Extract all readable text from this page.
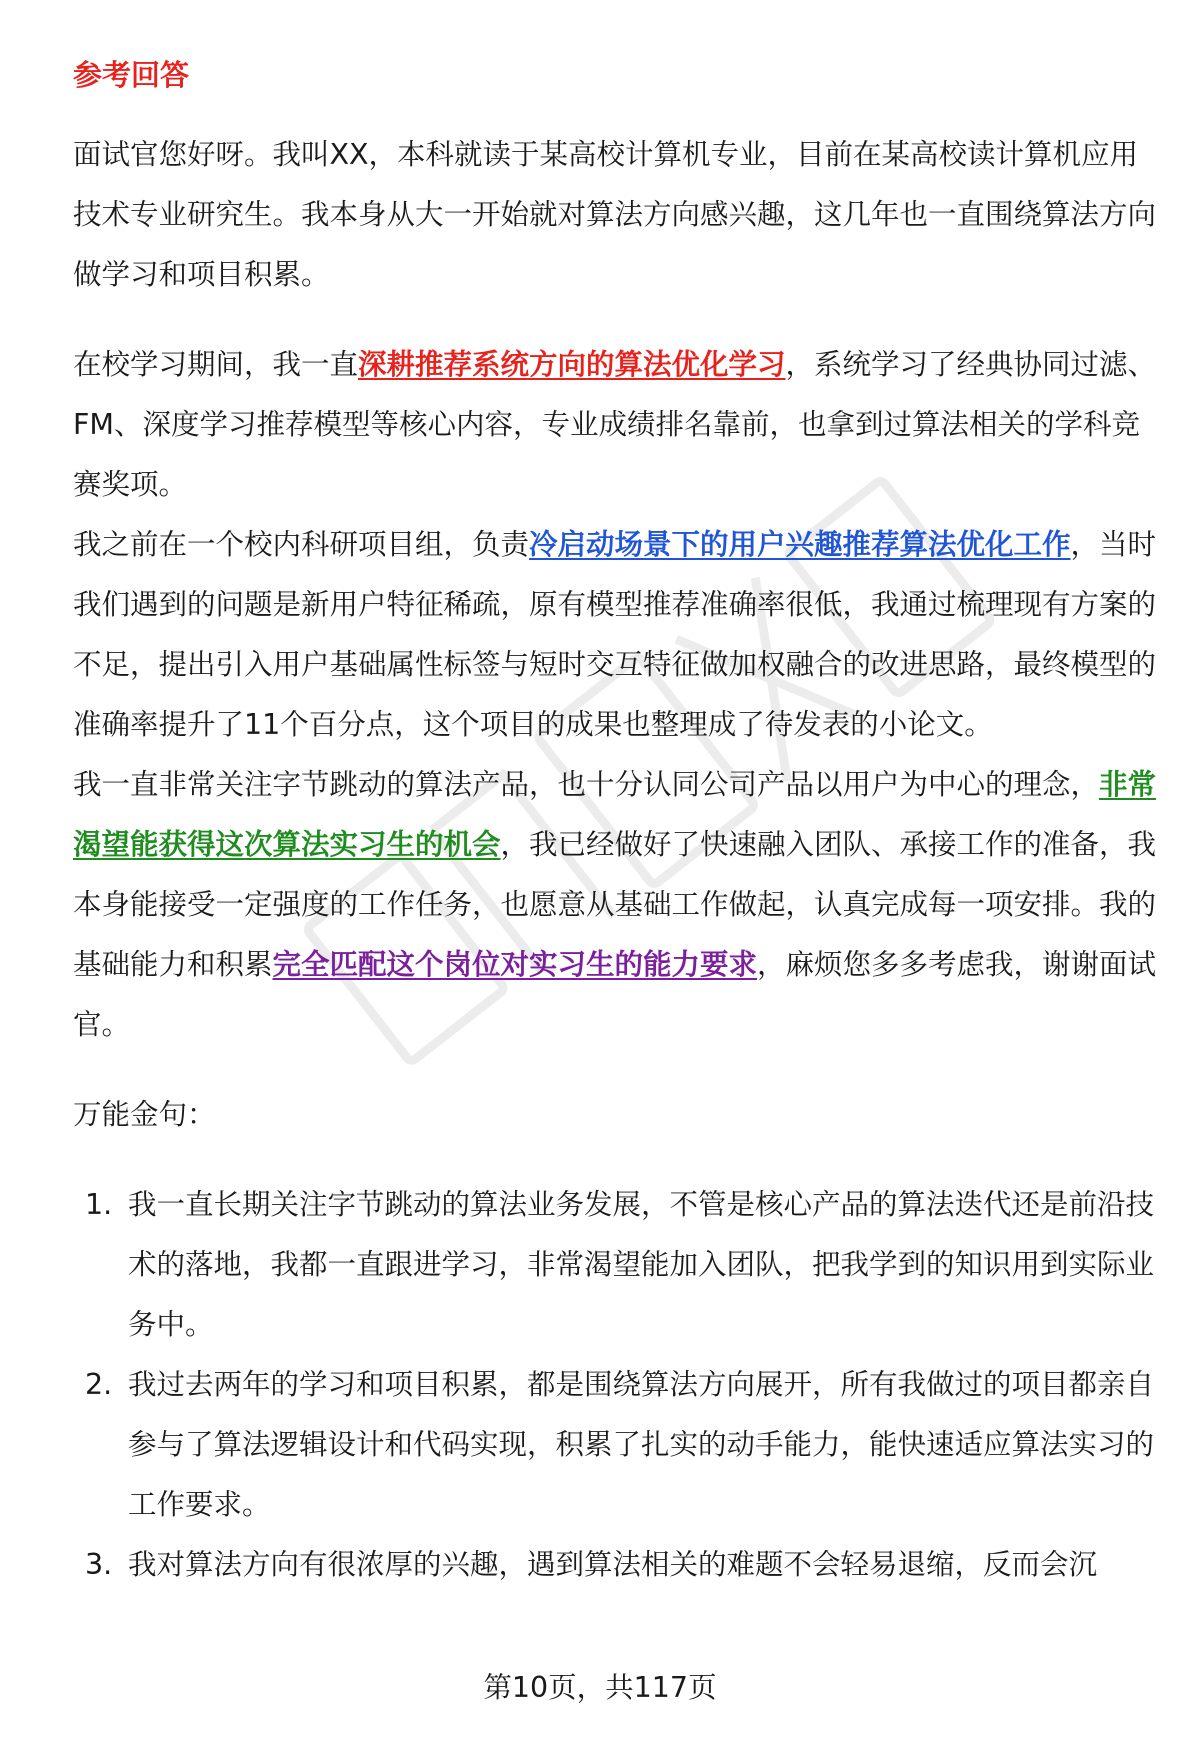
参考回答

面试官您好呀。我叫XX，本科就读于某高校计算机专业，目前在某高校读计算机应用技术专业研究生。我本身从大一开始就对算法方向感兴趣，这几年也一直围绕算法方向做学习和项目积累。

在校学习期间，我一直深耕推荐系统方向的算法优化学习，系统学习了经典协同过滤、FM、深度学习推荐模型等核心内容，专业成绩排名靠前，也拿到过算法相关的学科竞赛奖项。

我之前在一个校内科研项目组，负责冷启动场景下的用户兴趣推荐算法优化工作，当时我们遇到的问题是新用户特征稀疏，原有模型推荐准确率很低，我通过梳理现有方案的不足，提出引入用户基础属性标签与短时交互特征做加权融合的改进思路，最终模型的准确率提升了11个百分点，这个项目的成果也整理成了待发表的小论文。

我一直非常关注字节跳动的算法产品，也十分认同公司产品以用户为中心的理念，非常渴望能获得这次算法实习生的机会，我已经做好了快速融入团队、承接工作的准备，我本身能接受一定强度的工作任务，也愿意从基础工作做起，认真完成每一项安排。我的基础能力和积累完全匹配这个岗位对实习生的能力要求，麻烦您多多考虑我，谢谢面试官。

万能金句：

1. 我一直长期关注字节跳动的算法业务发展，不管是核心产品的算法迭代还是前沿技术的落地，我都一直跟进学习，非常渴望能加入团队，把我学到的知识用到实际业务中。
2. 我过去两年的学习和项目积累，都是围绕算法方向展开，所有我做过的项目都亲自参与了算法逻辑设计和代码实现，积累了扎实的动手能力，能快速适应算法实习的工作要求。
3. 我对算法方向有很浓厚的兴趣，遇到算法相关的难题不会轻易退缩，反而会沉
第10页，共117页
